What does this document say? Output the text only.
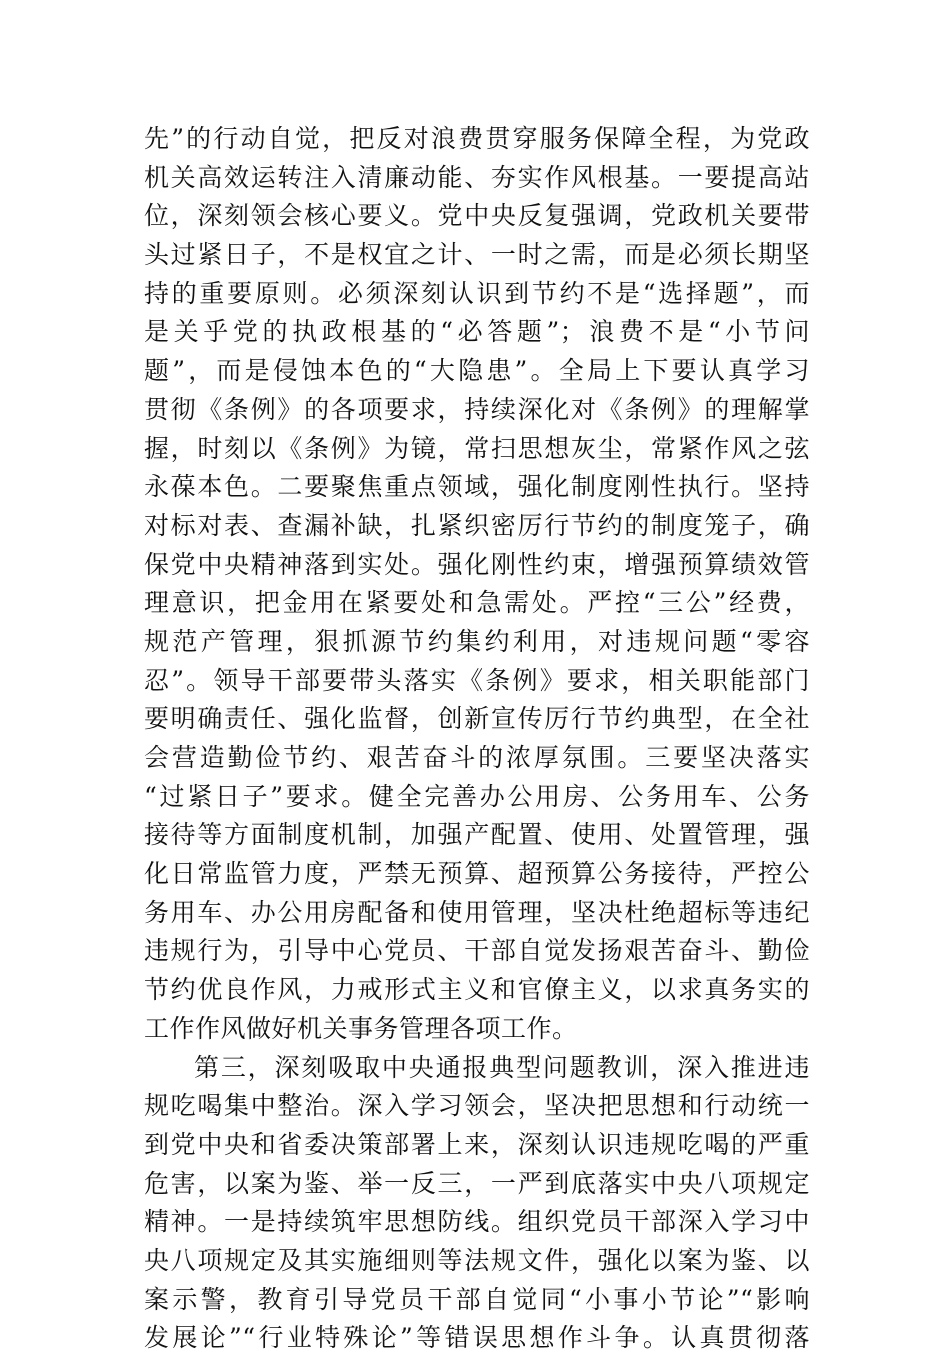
先”的行动自觉，把反对浪费贯穿服务保障全程，为党政
机关高效运转注入清廉动能、夯实作风根基。一要提高站
位，深刻领会核心要义。党中央反复强调，党政机关要带
头过紧日子，不是权宜之计、一时之需，而是必须长期坚
持的重要原则。必须深刻认识到节约不是“选择题”，而
是关乎党的执政根基的“必答题”；浪费不是“小节问
题”，而是侵蚀本色的“大隐患”。全局上下要认真学习
贯彻《条例》的各项要求，持续深化对《条例》的理解掌
握，时刻以《条例》为镜，常扫思想灰尘，常紧作风之弦
永葆本色。二要聚焦重点领域，强化制度刚性执行。坚持
对标对表、查漏补缺，扎紧织密厉行节约的制度笼子，确
保党中央精神落到实处。强化刚性约束，增强预算绩效管
理意识，把金用在紧要处和急需处。严控“三公”经费，
规范产管理，狠抓源节约集约利用，对违规问题“零容
忍”。领导干部要带头落实《条例》要求，相关职能部门
要明确责任、强化监督，创新宣传厉行节约典型，在全社
会营造勤俭节约、艰苦奋斗的浓厚氛围。三要坚决落实
“过紧日子”要求。健全完善办公用房、公务用车、公务
接待等方面制度机制，加强产配置、使用、处置管理，强
化日常监管力度，严禁无预算、超预算公务接待，严控公
务用车、办公用房配备和使用管理，坚决杜绝超标等违纪
违规行为，引导中心党员、干部自觉发扬艰苦奋斗、勤俭
节约优良作风，力戒形式主义和官僚主义，以求真务实的
工作作风做好机关事务管理各项工作。
第三，深刻吸取中央通报典型问题教训，深入推进违
规吃喝集中整治。深入学习领会，坚决把思想和行动统一
到党中央和省委决策部署上来，深刻认识违规吃喝的严重
危害，以案为鉴、举一反三，一严到底落实中央八项规定
精神。一是持续筑牢思想防线。组织党员干部深入学习中
央八项规定及其实施细则等法规文件，强化以案为鉴、以
案示警，教育引导党员干部自觉同“小事小节论”“影响
发展论”“行业特殊论”等错误思想作斗争。认真贯彻落
